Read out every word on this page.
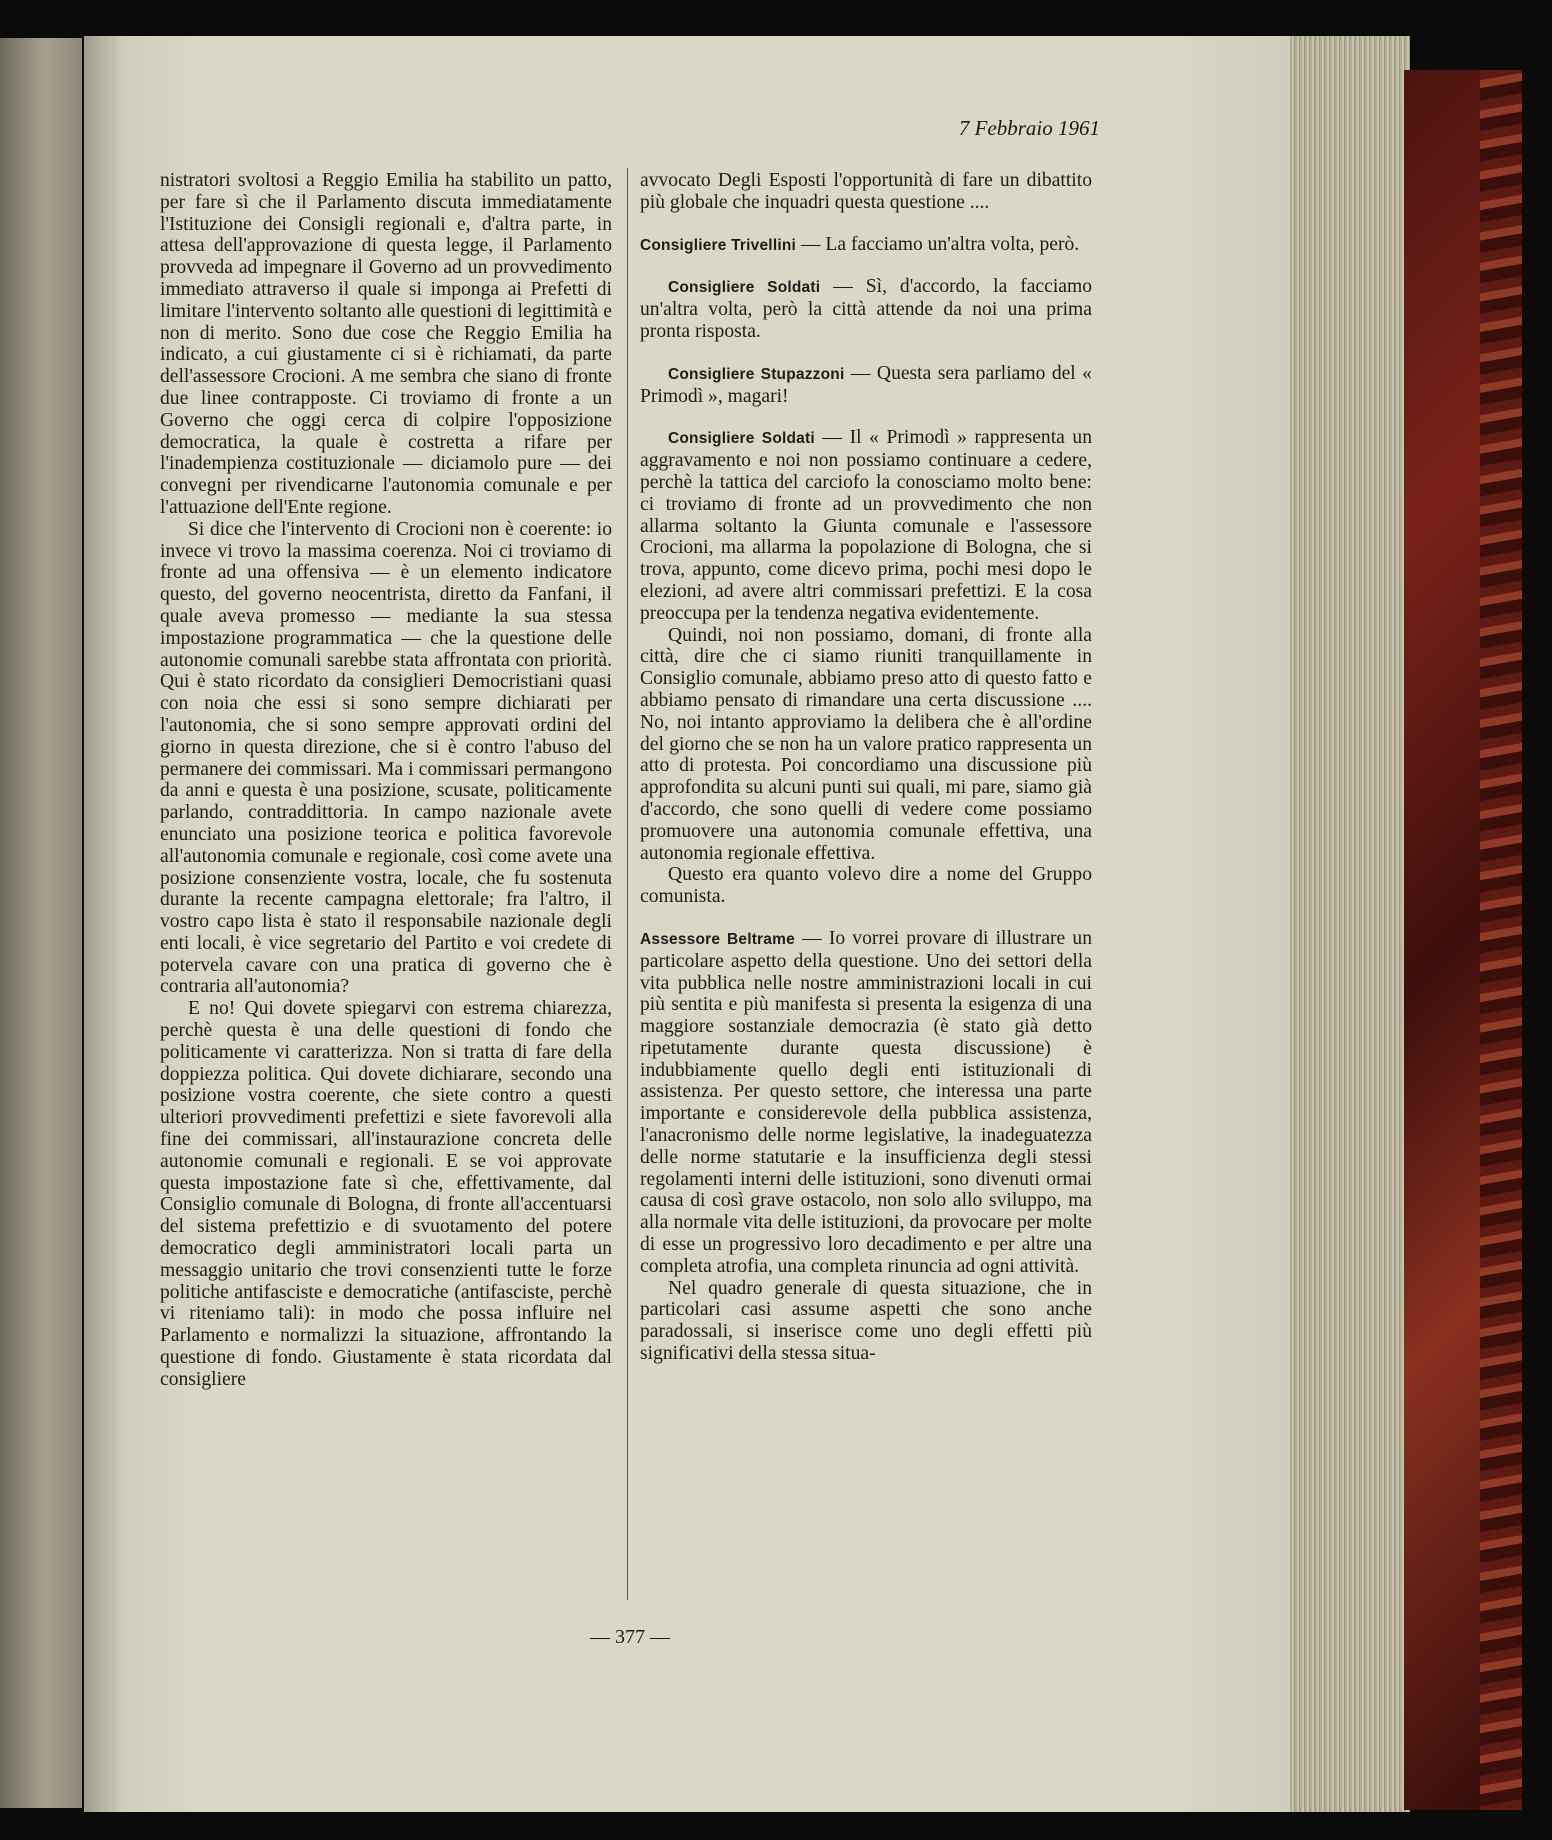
7 Febbraio 1961

nistratori svoltosi a Reggio Emilia ha stabilito un patto, per fare sì che il Parlamento discuta immediatamente l'Istituzione dei Consigli regionali e, d'altra parte, in attesa dell'approvazione di questa legge, il Parlamento provveda ad impegnare il Governo ad un provvedimento immediato attraverso il quale si imponga ai Prefetti di limitare l'intervento soltanto alle questioni di legittimità e non di merito. Sono due cose che Reggio Emilia ha indicato, a cui giustamente ci si è richiamati, da parte dell'assessore Crocioni. A me sembra che siano di fronte due linee contrapposte. Ci troviamo di fronte a un Governo che oggi cerca di colpire l'opposizione democratica, la quale è costretta a rifare per l'inadempienza costituzionale — diciamolo pure — dei convegni per rivendicarne l'autonomia comunale e per l'attuazione dell'Ente regione.

Si dice che l'intervento di Crocioni non è coerente: io invece vi trovo la massima coerenza. Noi ci troviamo di fronte ad una offensiva — è un elemento indicatore questo, del governo neocentrista, diretto da Fanfani, il quale aveva promesso — mediante la sua stessa impostazione programmatica — che la questione delle autonomie comunali sarebbe stata affrontata con priorità. Qui è stato ricordato da consiglieri Democristiani quasi con noia che essi si sono sempre dichiarati per l'autonomia, che si sono sempre approvati ordini del giorno in questa direzione, che si è contro l'abuso del permanere dei commissari. Ma i commissari permangono da anni e questa è una posizione, scusate, politicamente parlando, contraddittoria. In campo nazionale avete enunciato una posizione teorica e politica favorevole all'autonomia comunale e regionale, così come avete una posizione consenziente vostra, locale, che fu sostenuta durante la recente campagna elettorale; fra l'altro, il vostro capo lista è stato il responsabile nazionale degli enti locali, è vice segretario del Partito e voi credete di potervela cavare con una pratica di governo che è contraria all'autonomia?

E no! Qui dovete spiegarvi con estrema chiarezza, perchè questa è una delle questioni di fondo che politicamente vi caratterizza. Non si tratta di fare della doppiezza politica. Qui dovete dichiarare, secondo una posizione vostra coerente, che siete contro a questi ulteriori provvedimenti prefettizi e siete favorevoli alla fine dei commissari, all'instaurazione concreta delle autonomie comunali e regionali. E se voi approvate questa impostazione fate sì che, effettivamente, dal Consiglio comunale di Bologna, di fronte all'accentuarsi del sistema prefettizio e di svuotamento del potere democratico degli amministratori locali parta un messaggio unitario che trovi consenzienti tutte le forze politiche antifasciste e democratiche (antifasciste, perchè vi riteniamo tali): in modo che possa influire nel Parlamento e normalizzi la situazione, affrontando la questione di fondo. Giustamente è stata ricordata dal consigliere

avvocato Degli Esposti l'opportunità di fare un dibattito più globale che inquadri questa questione ....

Consigliere Trivellini — La facciamo un'altra volta, però.

Consigliere Soldati — Sì, d'accordo, la facciamo un'altra volta, però la città attende da noi una prima pronta risposta.

Consigliere Stupazzoni — Questa sera parliamo del « Primodì », magari!

Consigliere Soldati — Il « Primodì » rappresenta un aggravamento e noi non possiamo continuare a cedere, perchè la tattica del carciofo la conosciamo molto bene: ci troviamo di fronte ad un provvedimento che non allarma soltanto la Giunta comunale e l'assessore Crocioni, ma allarma la popolazione di Bologna, che si trova, appunto, come dicevo prima, pochi mesi dopo le elezioni, ad avere altri commissari prefettizi. E la cosa preoccupa per la tendenza negativa evidentemente.

Quindi, noi non possiamo, domani, di fronte alla città, dire che ci siamo riuniti tranquillamente in Consiglio comunale, abbiamo preso atto di questo fatto e abbiamo pensato di rimandare una certa discussione .... No, noi intanto approviamo la delibera che è all'ordine del giorno che se non ha un valore pratico rappresenta un atto di protesta. Poi concordiamo una discussione più approfondita su alcuni punti sui quali, mi pare, siamo già d'accordo, che sono quelli di vedere come possiamo promuovere una autonomia comunale effettiva, una autonomia regionale effettiva.

Questo era quanto volevo dire a nome del Gruppo comunista.

Assessore Beltrame — Io vorrei provare di illustrare un particolare aspetto della questione. Uno dei settori della vita pubblica nelle nostre amministrazioni locali in cui più sentita e più manifesta si presenta la esigenza di una maggiore sostanziale democrazia (è stato già detto ripetutamente durante questa discussione) è indubbiamente quello degli enti istituzionali di assistenza. Per questo settore, che interessa una parte importante e considerevole della pubblica assistenza, l'anacronismo delle norme legislative, la inadeguatezza delle norme statutarie e la insufficienza degli stessi regolamenti interni delle istituzioni, sono divenuti ormai causa di così grave ostacolo, non solo allo sviluppo, ma alla normale vita delle istituzioni, da provocare per molte di esse un progressivo loro decadimento e per altre una completa atrofia, una completa rinuncia ad ogni attività.

Nel quadro generale di questa situazione, che in particolari casi assume aspetti che sono anche paradossali, si inserisce come uno degli effetti più significativi della stessa situa-

— 377 —
